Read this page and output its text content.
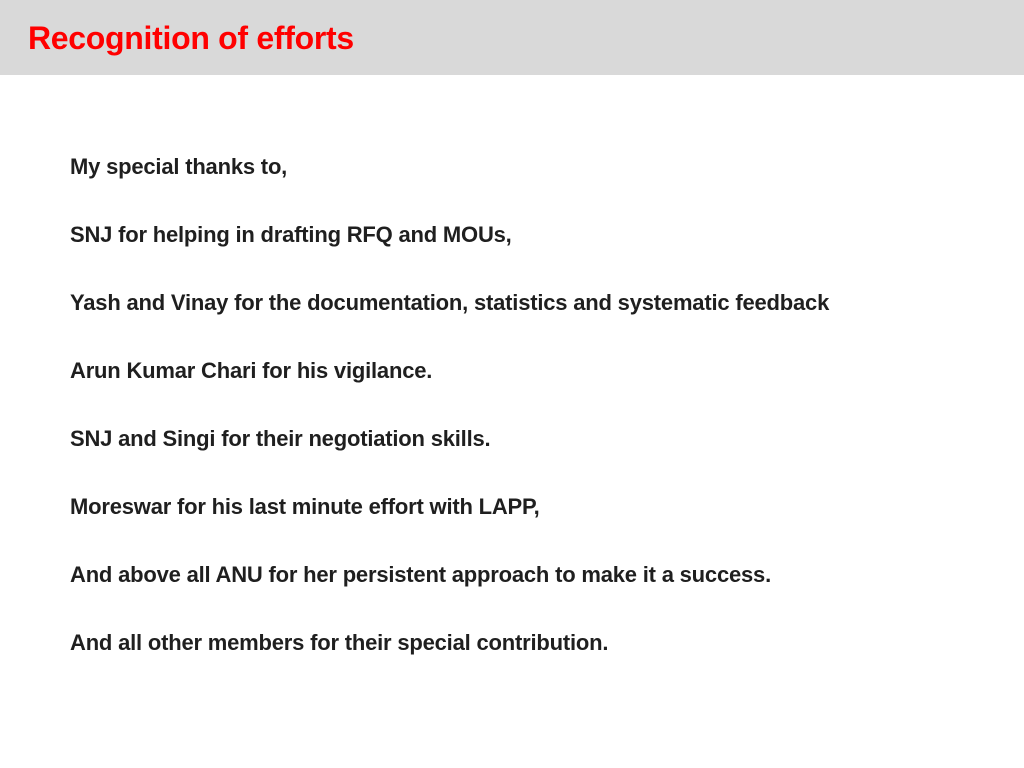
Recognition of efforts

My special thanks to,

SNJ for helping in drafting RFQ and MOUs,

Yash and Vinay for the documentation, statistics and systematic feedback

Arun Kumar Chari for his vigilance.

SNJ and Singi for their negotiation skills.

Moreswar for his last minute effort with LAPP,

And above all ANU for her persistent approach to make it a success.

And all other members for their special contribution.
